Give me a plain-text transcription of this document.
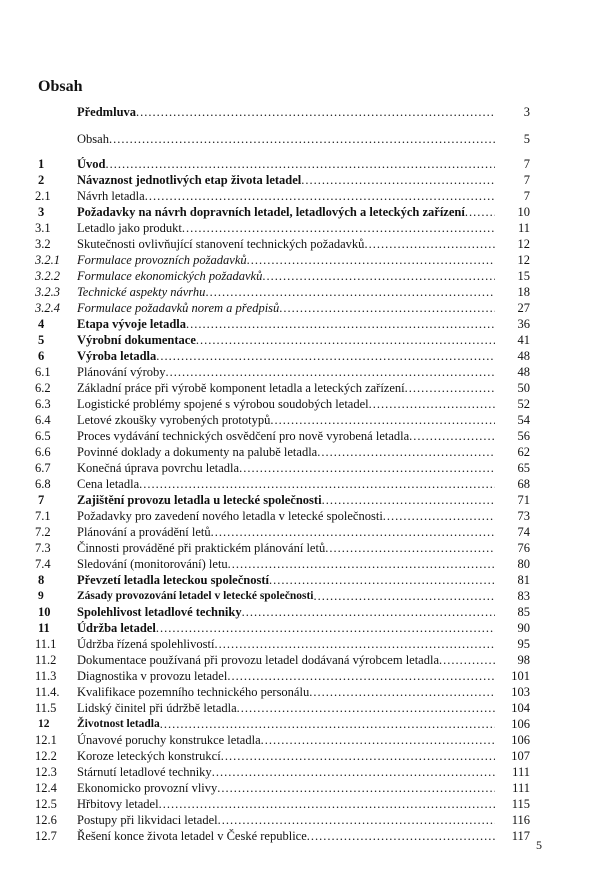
Obsah
Předmluva .....	3
Obsah .....	5
1	Úvod .....	7
2	Návaznost jednotlivých etap života letadel .....	7
2.1 Návrh letadla .....	7
3	Požadavky na návrh dopravních letadel, letadlových a leteckých zařízení .....	10
3.1 Letadlo jako produkt .....	11
3.2 Skutečnosti ovlivňující stanovení technických požadavků .....	12
3.2.1 Formulace provozních požadavků .....	12
3.2.2 Formulace ekonomických požadavků .....	15
3.2.3 Technické aspekty návrhu .....	18
3.2.4 Formulace požadavků norem a předpisů .....	27
4	Etapa vývoje letadla .....	36
5	Výrobní dokumentace .....	41
6	Výroba letadla .....	48
6.1 Plánování výroby .....	48
6.2 Základní práce při výrobě komponent letadla a leteckých zařízení .....	50
6.3 Logistické problémy spojené s výrobou soudobých letadel .....	52
6.4 Letové zkoušky vyrobených prototypů .....	54
6.5 Proces vydávání technických osvědčení pro nově vyrobená letadla .....	56
6.6 Povinné doklady a dokumenty na palubě letadla .....	62
6.7 Konečná úprava povrchu letadla .....	65
6.8 Cena letadla .....	68
7	Zajištění provozu letadla u letecké společnosti .....	71
7.1 Požadavky pro zavedení nového letadla v letecké společnosti .....	73
7.2 Plánování a provádění letů .....	74
7.3 Činnosti prováděné při praktickém plánování letů .....	76
7.4 Sledování (monitorování) letu .....	80
8	Převzetí letadla leteckou společností .....	81
9	Zásady provozování letadel v letecké společnosti .....	83
10 Spolehlivost letadlové techniky .....	85
11 Údržba letadel .....	90
11.1 Údržba řízená spolehlivostí .....	95
11.2 Dokumentace používaná při provozu letadel dodávaná výrobcem letadla .....	98
11.3 Diagnostika v provozu letadel .....	101
11.4. Kvalifikace pozemního technického personálu .....	103
11.5 Lidský činitel při údržbě letadla .....	104
12 Životnost letadla .....	106
12.1 Únavové poruchy konstrukce letadla .....	106
12.2 Koroze leteckých konstrukcí .....	107
12.3 Stárnutí letadlové techniky .....	111
12.4 Ekonomicko provozní vlivy .....	111
12.5 Hřbitovy letadel .....	115
12.6 Postupy při likvidaci letadel .....	116
12.7 Řešení konce života letadel v České republice .....	117
5
